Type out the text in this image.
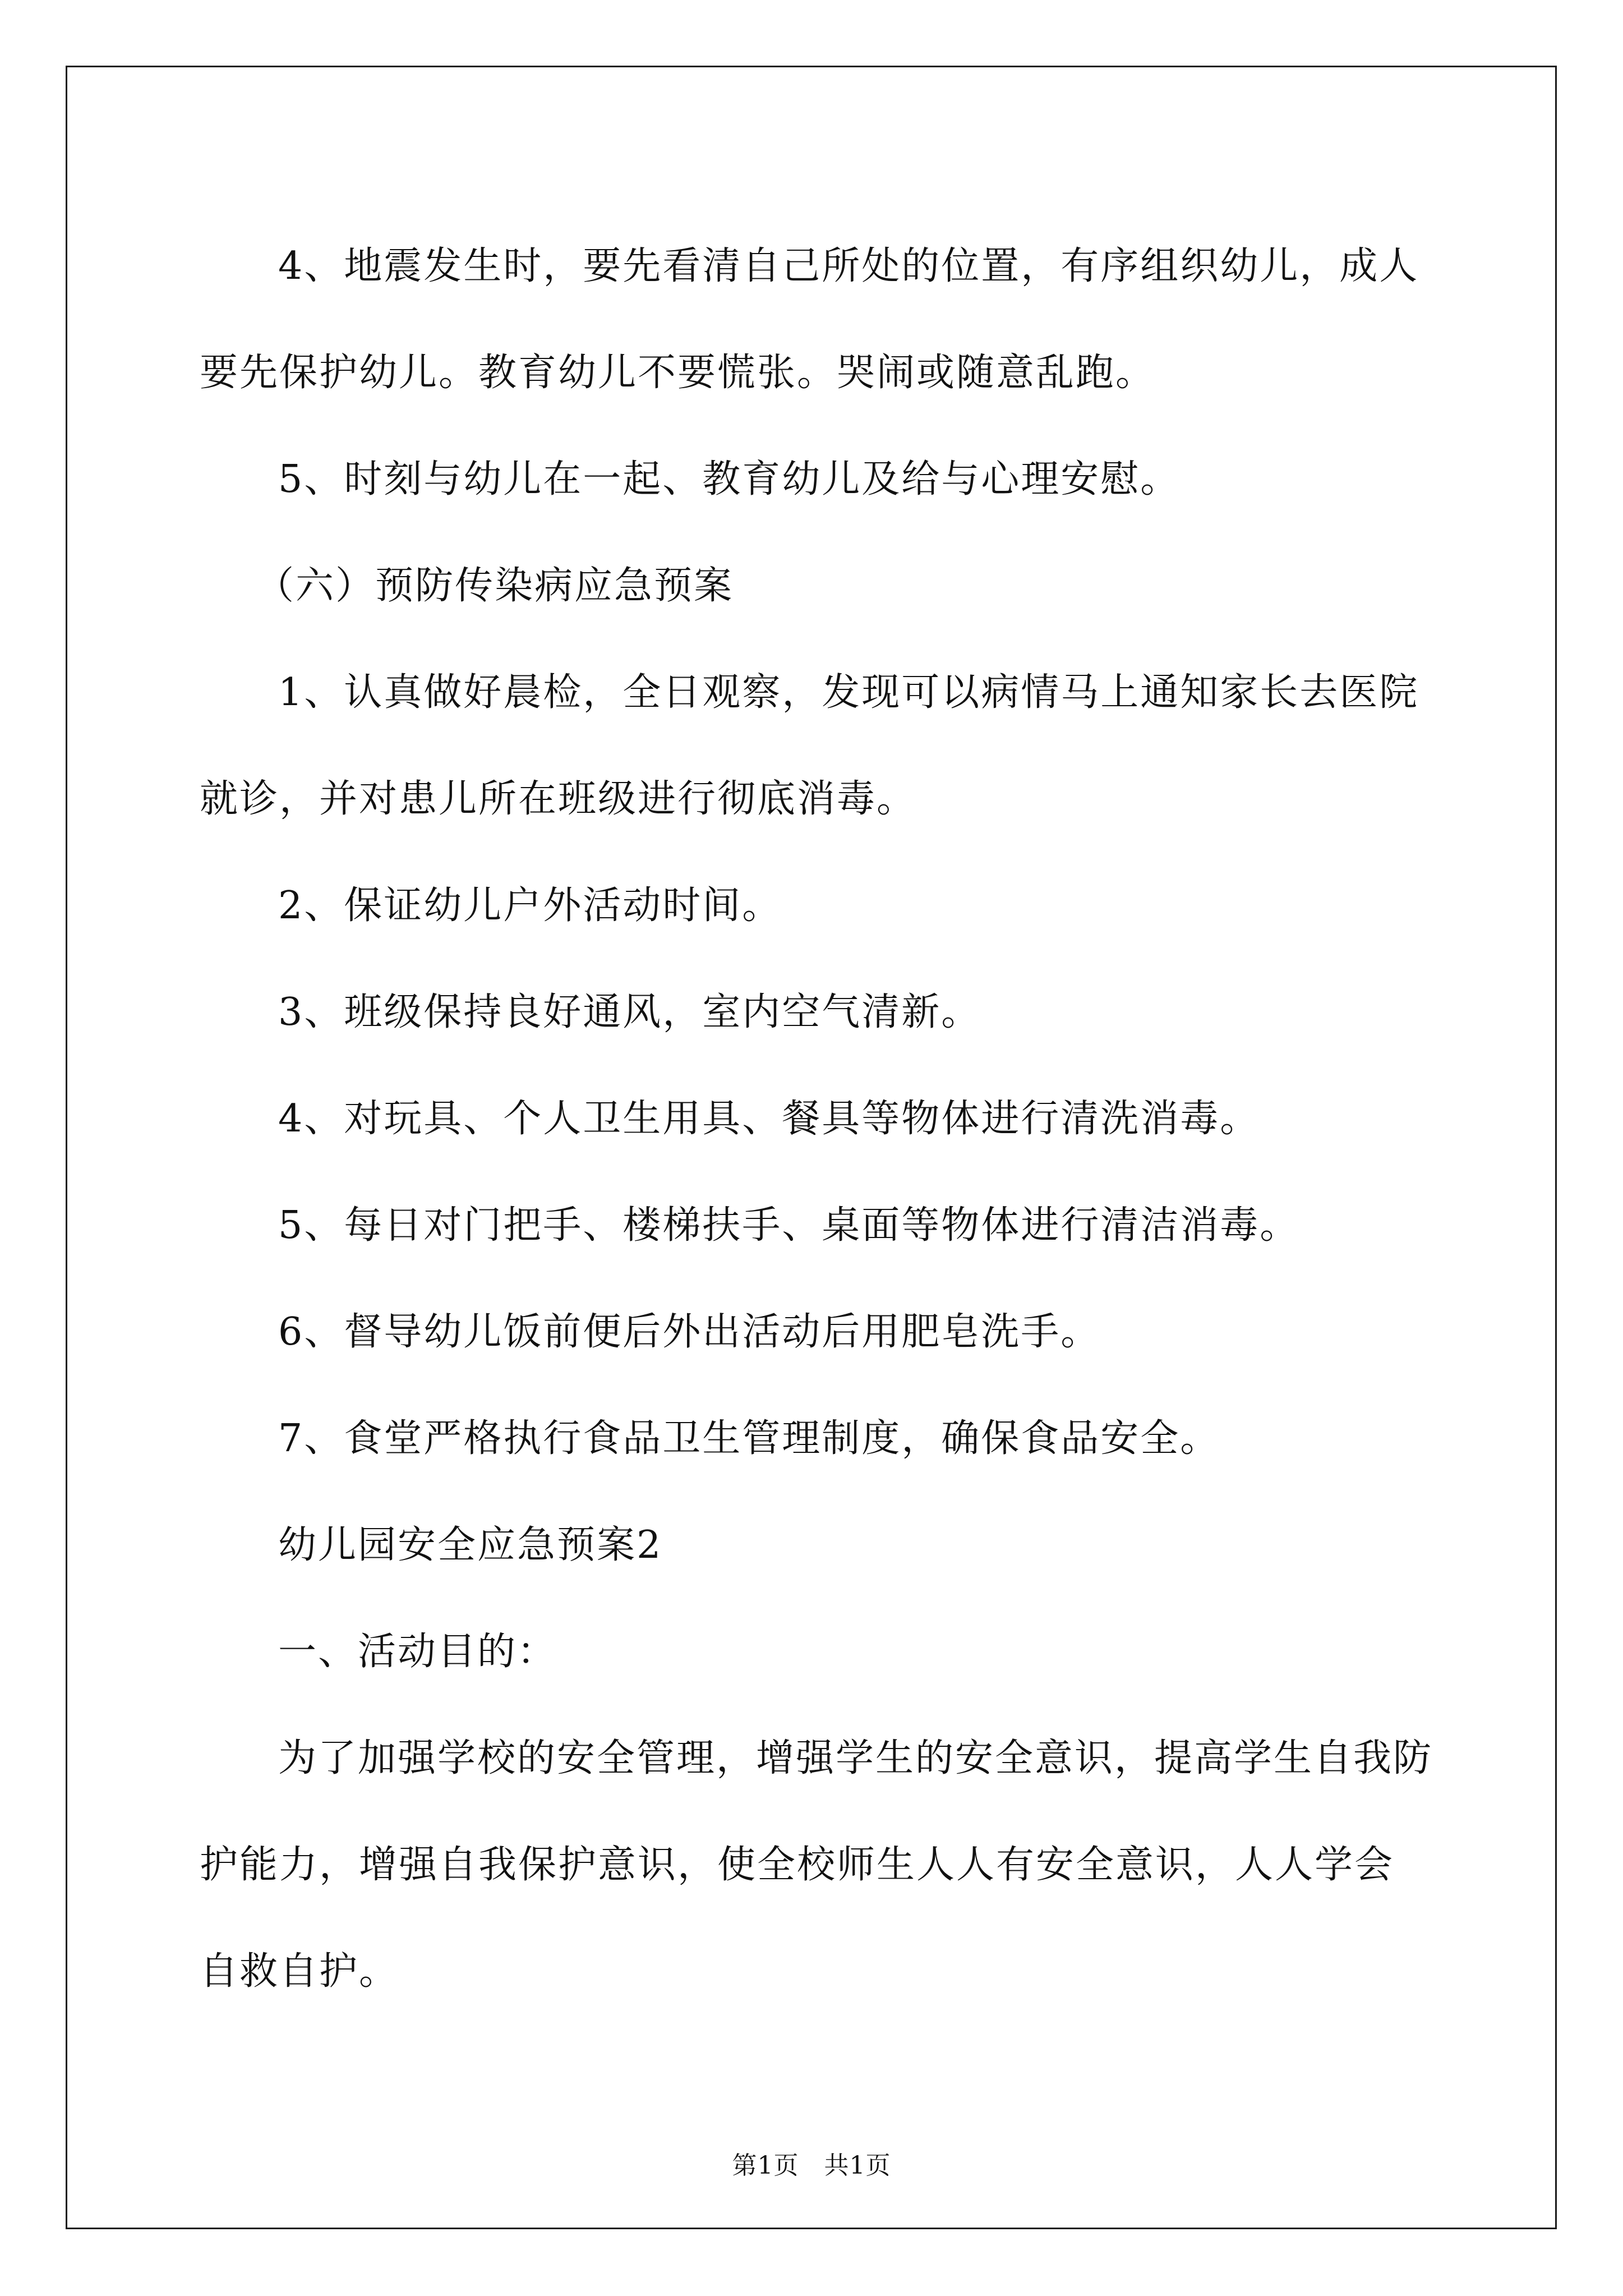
4、地震发生时，要先看清自己所处的位置，有序组织幼儿，成人要先保护幼儿。教育幼儿不要慌张。哭闹或随意乱跑。

5、时刻与幼儿在一起、教育幼儿及给与心理安慰。

（六）预防传染病应急预案

1、认真做好晨检，全日观察，发现可以病情马上通知家长去医院就诊，并对患儿所在班级进行彻底消毒。

2、保证幼儿户外活动时间。

3、班级保持良好通风，室内空气清新。

4、对玩具、个人卫生用具、餐具等物体进行清洗消毒。

5、每日对门把手、楼梯扶手、桌面等物体进行清洁消毒。

6、督导幼儿饭前便后外出活动后用肥皂洗手。

7、食堂严格执行食品卫生管理制度，确保食品安全。

幼儿园安全应急预案2

一、活动目的：

为了加强学校的安全管理，增强学生的安全意识，提高学生自我防护能力，增强自我保护意识，使全校师生人人有安全意识，人人学会自救自护。

第1页　共1页
